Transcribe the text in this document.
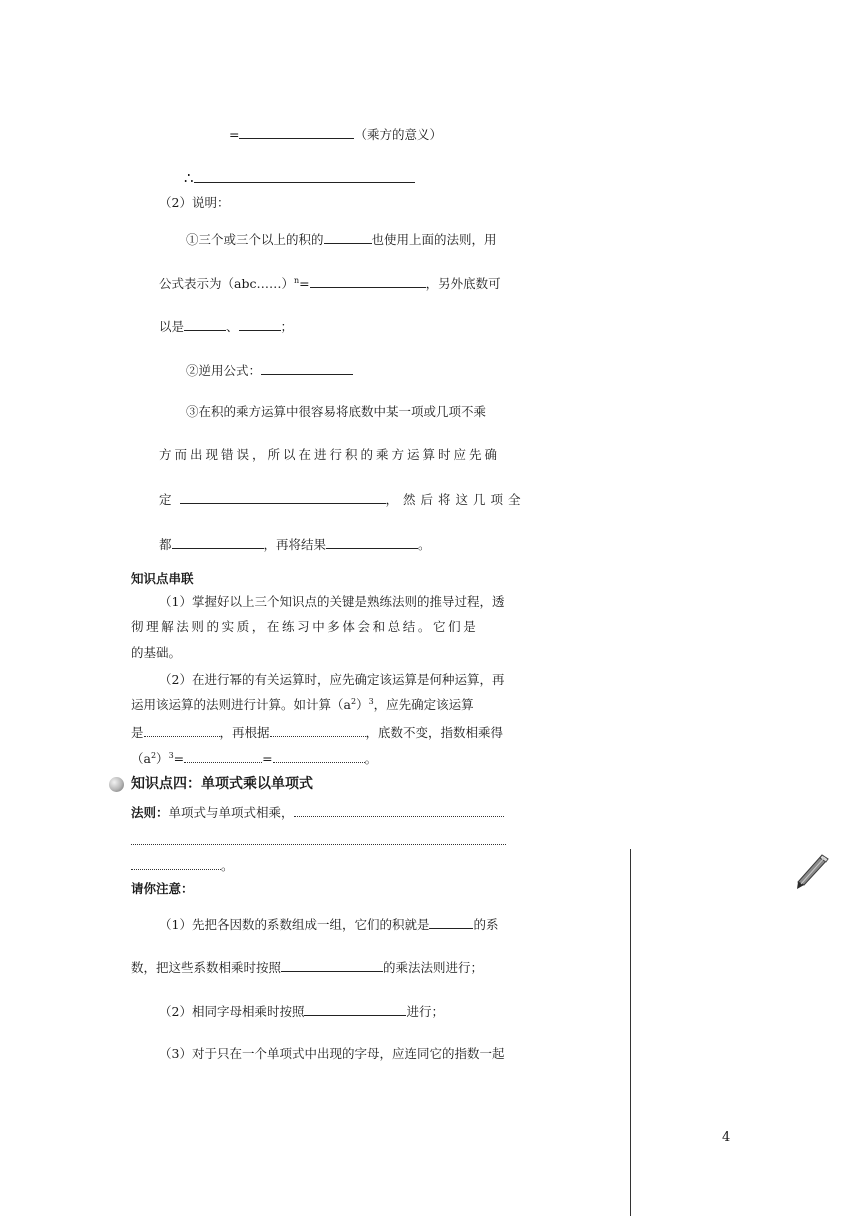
=	（乘方的意义）
∴
（2）说明：
①三个或三个以上的积的	也使用上面的法则，用
公式表示为（abc……）$^n$=	，另外底数可
以是	、	；
②逆用公式：
③在积的乘方运算中很容易将底数中某一项或几项不乘
方而出现错误，所以在进行积的乘方运算时应先确
定	，然后将这几项全
都	，再将结果	。
知识点串联
（1）掌握好以上三个知识点的关键是熟练法则的推导过程，透
彻理解法则的实质，在练习中多体会和总结。它们是
的基础。
（2）在进行幂的有关运算时，应先确定该运算是何种运算，再
运用该运算的法则进行计算。如计算$(a^2)^3$，应先确定该运算
是	，再根据	，底数不变，指数相乘得
$(a^2)^3=$	=	。
知识点四：单项式乘以单项式
法则：单项式与单项式相乘，
。
请你注意：
（1）先把各因数的系数组成一组，它们的积就是	的系
数，把这些系数相乘时按照	的乘法法则进行；
（2）相同字母相乘时按照	进行；
（3）对于只在一个单项式中出现的字母，应连同它的指数一起
4
